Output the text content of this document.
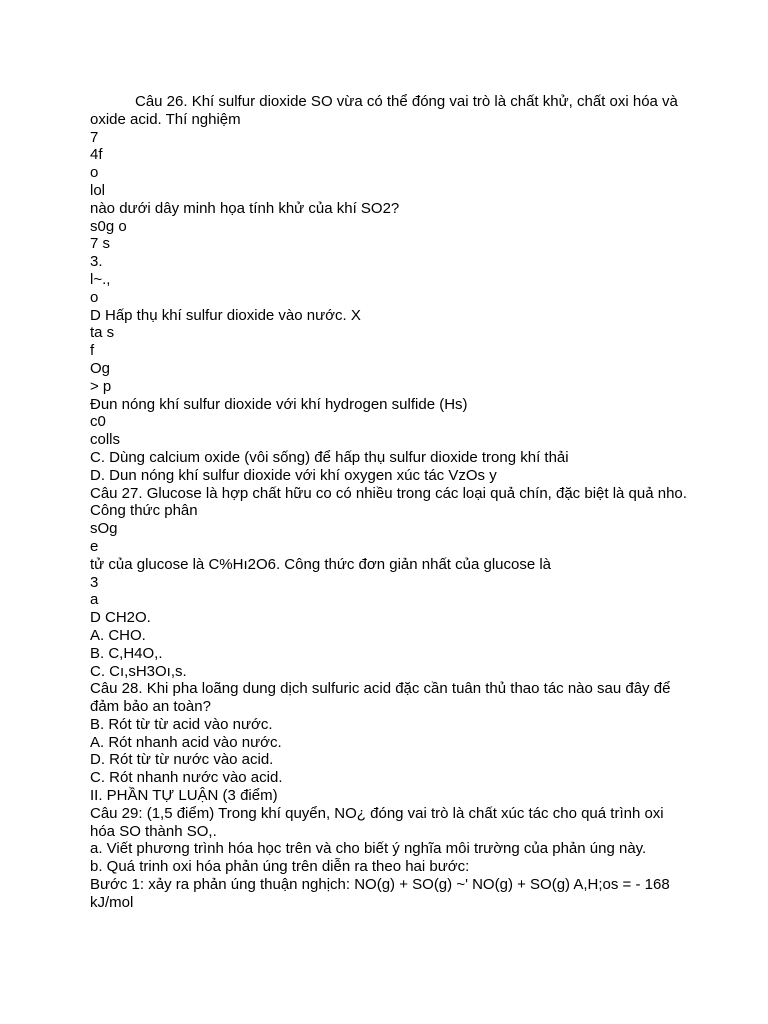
Câu 26. Khí sulfur dioxide SO vừa có thể đóng vai trò là chất khử, chất oxi hóa và oxide acid. Thí nghiệm
7
4f
o
lol
nào dưới dây minh họa tính khử của khí SO2?
s0g o
7 s
3.
l~.,
o
D Hấp thụ khí sulfur dioxide vào nước. X
ta s
f
Og
> p
Đun nóng khí sulfur dioxide với khí hydrogen sulfide (Hs)
c0
colls
C. Dùng calcium oxide (vôi sống) để hấp thụ sulfur dioxide trong khí thải
D. Dun nóng khí sulfur dioxide với khí oxygen xúc tác VzOs y
Câu 27. Glucose là hợp chất hữu co có nhiều trong các loại quả chín, đặc biệt là quả nho. Công thức phân
sOg
e
tử của glucose là C%Hı2O6. Công thức đơn giản nhất của glucose là
3
a
D CH2O.
A. CHO.
B. C,H4O,.
C. Cı,sH3Oı,s.
Câu 28. Khi pha loãng dung dịch sulfuric acid đặc cần tuân thủ thao tác nào sau đây để đảm bảo an toàn?
B. Rót từ từ acid vào nước.
A. Rót nhanh acid vào nước.
D. Rót từ từ nước vào acid.
C. Rót nhanh nước vào acid.
II. PHẦN TỰ LUẬN (3 điểm)
Câu 29: (1,5 điểm) Trong khí quyển, NO¿ đóng vai trò là chất xúc tác cho quá trình oxi hóa SO thành SO,.
a. Viết phương trình hóa học trên và cho biết ý nghĩa môi trường của phản úng này.
b. Quá trinh oxi hóa phản úng trên diễn ra theo hai bước:
Bước 1: xảy ra phản úng thuận nghịch: NO(g) + SO(g) ~' NO(g) + SO(g) A,H;os = - 168 kJ/mol
